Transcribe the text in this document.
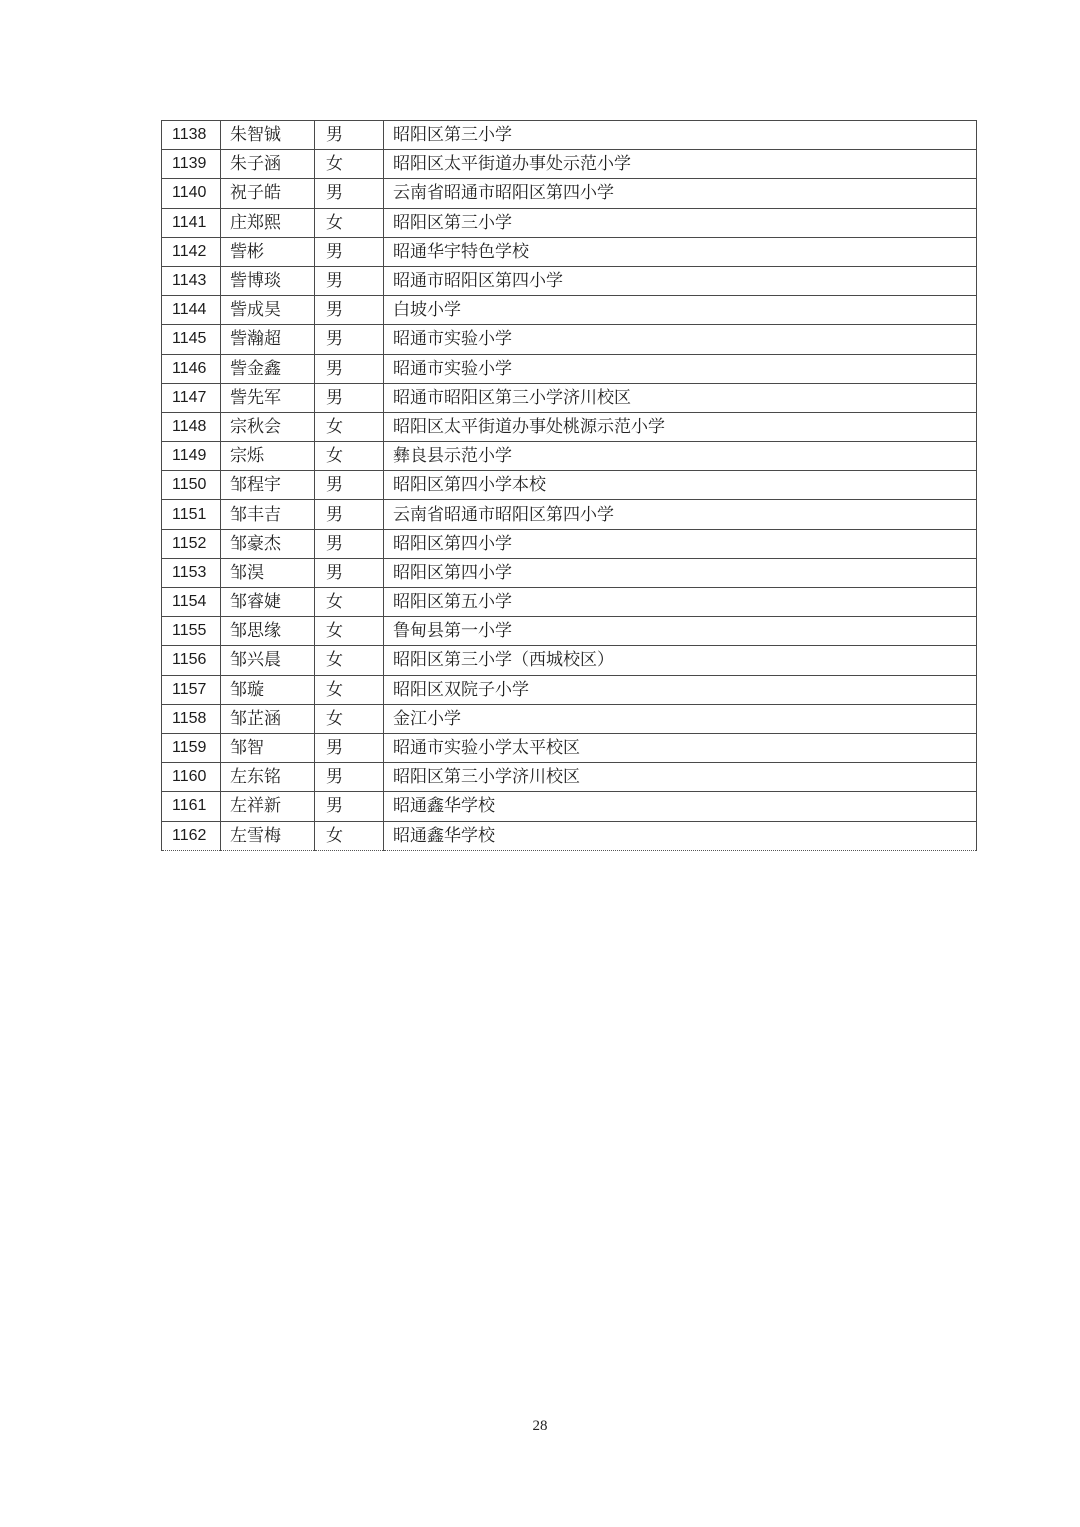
1138	朱智铖	男	昭阳区第三小学
1139	朱子涵	女	昭阳区太平街道办事处示范小学
1140	祝子皓	男	云南省昭通市昭阳区第四小学
1141	庄郑熙	女	昭阳区第三小学
1142	訾彬	男	昭通华宇特色学校
1143	訾博琰	男	昭通市昭阳区第四小学
1144	訾成昊	男	白坡小学
1145	訾瀚超	男	昭通市实验小学
1146	訾金鑫	男	昭通市实验小学
1147	訾先军	男	昭通市昭阳区第三小学济川校区
1148	宗秋会	女	昭阳区太平街道办事处桃源示范小学
1149	宗烁	女	彝良县示范小学
1150	邹程宇	男	昭阳区第四小学本校
1151	邹丰吉	男	云南省昭通市昭阳区第四小学
1152	邹豪杰	男	昭阳区第四小学
1153	邹淏	男	昭阳区第四小学
1154	邹睿婕	女	昭阳区第五小学
1155	邹思缘	女	鲁甸县第一小学
1156	邹兴晨	女	昭阳区第三小学（西城校区）
1157	邹璇	女	昭阳区双院子小学
1158	邹芷涵	女	金江小学
1159	邹智	男	昭通市实验小学太平校区
1160	左东铭	男	昭阳区第三小学济川校区
1161	左祥新	男	昭通鑫华学校
1162	左雪梅	女	昭通鑫华学校
28
